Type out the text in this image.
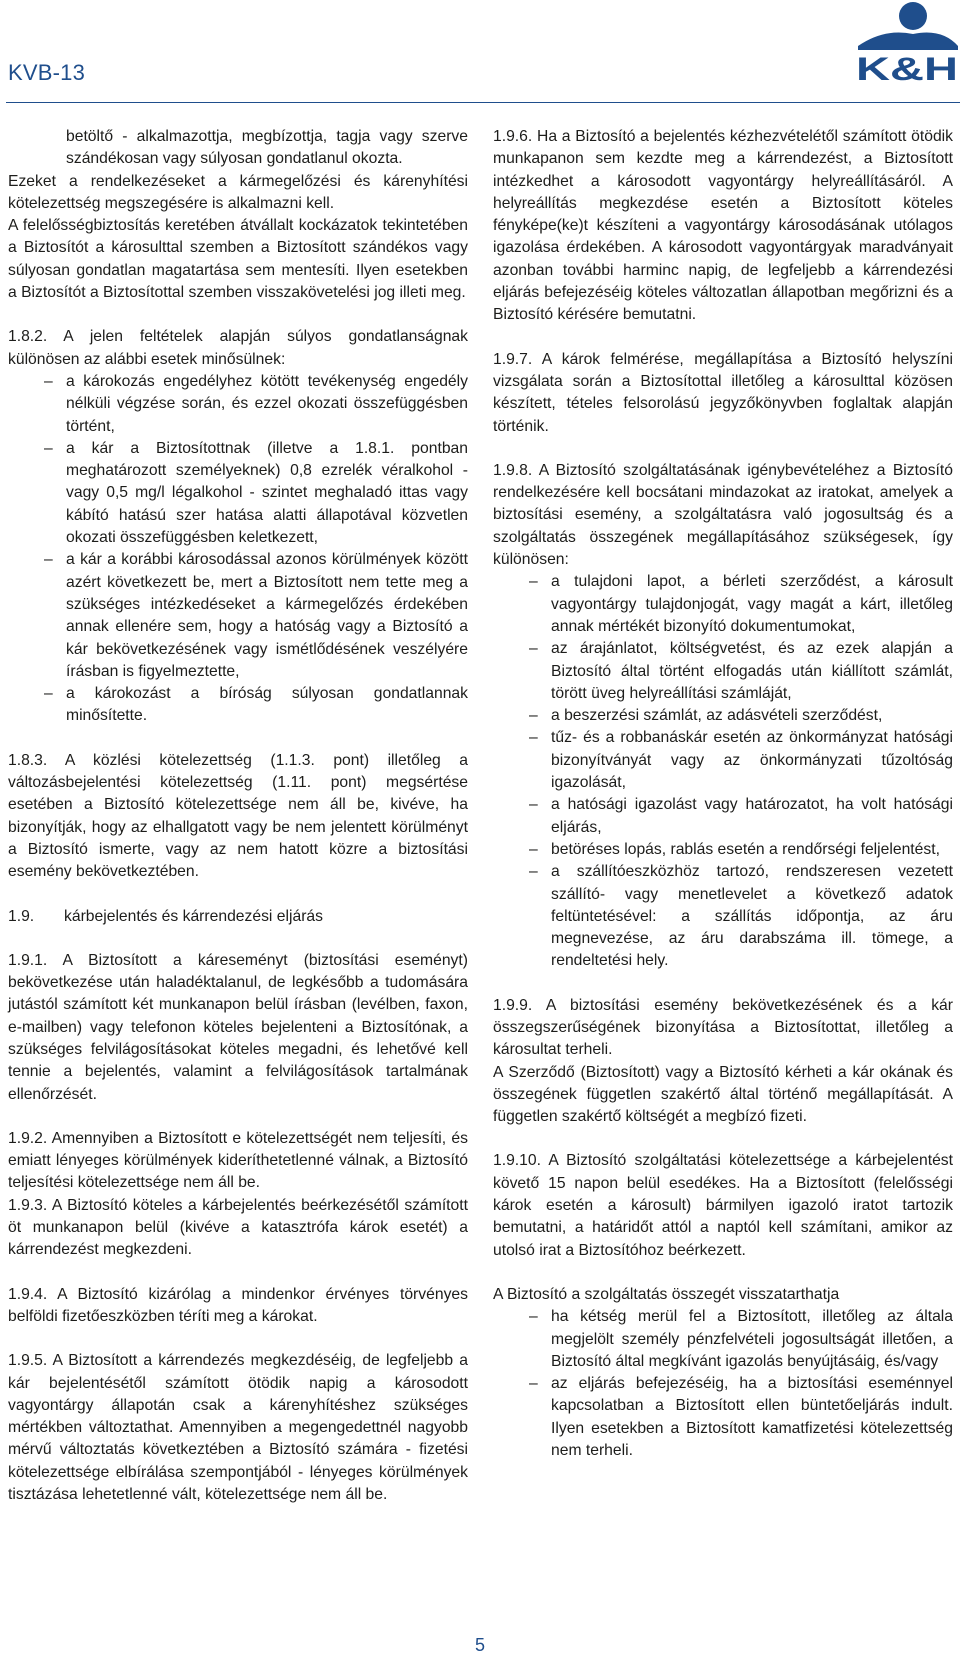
KVB-13	K&H

betöltő - alkalmazottja, megbízottja, tagja vagy szerve szándékosan vagy súlyosan gondatlanul okozta.

Ezeket a rendelkezéseket a kármegelőzési és kárenyhítési kötelezettség megszegésére is alkalmazni kell.

A felelősségbiztosítás keretében átvállalt kockázatok tekintetében a Biztosítót a károsulttal szemben a Biztosított szándékos vagy súlyosan gondatlan magatartása sem mentesíti. Ilyen esetekben a Biztosítót a Biztosítottal szemben visszakövetelési jog illeti meg.

1.8.2. A jelen feltételek alapján súlyos gondatlanságnak különösen az alábbi esetek minősülnek:

– a károkozás engedélyhez kötött tevékenység engedély nélküli végzése során, és ezzel okozati összefüggésben történt,
– a kár a Biztosítottnak (illetve a 1.8.1. pontban meghatározott személyeknek) 0,8 ezrelék véralkohol - vagy 0,5 mg/l légalkohol - szintet meghaladó ittas vagy kábító hatású szer hatása alatti állapotával közvetlen okozati összefüggésben keletkezett,
– a kár a korábbi károsodással azonos körülmények között azért következett be, mert a Biztosított nem tette meg a szükséges intézkedéseket a kármegelőzés érdekében annak ellenére sem, hogy a hatóság vagy a Biztosító a kár bekövetkezésének vagy ismétlődésének veszélyére írásban is figyelmeztette,
– a károkozást a bíróság súlyosan gondatlannak minősítette.

1.8.3. A közlési kötelezettség (1.1.3. pont) illetőleg a változásbejelentési kötelezettség (1.11. pont) megsértése esetében a Biztosító kötelezettsége nem áll be, kivéve, ha bizonyítják, hogy az elhallgatott vagy be nem jelentett körülményt a Biztosító ismerte, vagy az nem hatott közre a biztosítási esemény bekövetkeztében.

1.9. kárbejelentés és kárrendezési eljárás

1.9.1. A Biztosított a káreseményt (biztosítási eseményt) bekövetkezése után haladéktalanul, de legkésőbb a tudomására jutástól számított két munkanapon belül írásban (levélben, faxon, e-mailben) vagy telefonon köteles bejelenteni a Biztosítónak, a szükséges felvilágosításokat köteles megadni, és lehetővé kell tennie a bejelentés, valamint a felvilágosítások tartalmának ellenőrzését.

1.9.2. Amennyiben a Biztosított e kötelezettségét nem teljesíti, és emiatt lényeges körülmények kideríthetetlenné válnak, a Biztosító teljesítési kötelezettsége nem áll be.

1.9.3. A Biztosító köteles a kárbejelentés beérkezésétől számított öt munkanapon belül (kivéve a katasztrófa károk esetét) a kárrendezést megkezdeni.

1.9.4. A Biztosító kizárólag a mindenkor érvényes törvényes belföldi fizetőeszközben téríti meg a károkat.

1.9.5. A Biztosított a kárrendezés megkezdéséig, de legfeljebb a kár bejelentésétől számított ötödik napig a károsodott vagyontárgy állapotán csak a kárenyhítéshez szükséges mértékben változtathat. Amennyiben a megengedettnél nagyobb mérvű változtatás következtében a Biztosító számára - fizetési kötelezettsége elbírálása szempontjából - lényeges körülmények tisztázása lehetetlenné vált, kötelezettsége nem áll be.

1.9.6. Ha a Biztosító a bejelentés kézhezvételétől számított ötödik munkapanon sem kezdte meg a kárrendezést, a Biztosított intézkedhet a károsodott vagyontárgy helyreállításáról. A helyreállítás megkezdése esetén a Biztosított köteles fényképe(ke)t készíteni a vagyontárgy károsodásának utólagos igazolása érdekében. A károsodott vagyontárgyak maradványait azonban további harminc napig, de legfeljebb a kárrendezési eljárás befejezéséig köteles változatlan állapotban megőrizni és a Biztosító kérésére bemutatni.

1.9.7. A károk felmérése, megállapítása a Biztosító helyszíni vizsgálata során a Biztosítottal illetőleg a károsulttal közösen készített, tételes felsorolású jegyzőkönyvben foglaltak alapján történik.

1.9.8. A Biztosító szolgáltatásának igénybevételéhez a Biztosító rendelkezésére kell bocsátani mindazokat az iratokat, amelyek a biztosítási esemény, a szolgáltatásra való jogosultság és a szolgáltatás összegének megállapításához szükségesek, így különösen:

– a tulajdoni lapot, a bérleti szerződést, a károsult vagyontárgy tulajdonjogát, vagy magát a kárt, illetőleg annak mértékét bizonyító dokumentumokat,
– az árajánlatot, költségvetést, és az ezek alapján a Biztosító által történt elfogadás után kiállított számlát, törött üveg helyreállítási számláját,
– a beszerzési számlát, az adásvételi szerződést,
– tűz- és a robbanáskár esetén az önkormányzat hatósági bizonyítványát vagy az önkormányzati tűzoltóság igazolását,
– a hatósági igazolást vagy határozatot, ha volt hatósági eljárás,
– betöréses lopás, rablás esetén a rendőrségi feljelentést,
– a szállítóeszközhöz tartozó, rendszeresen vezetett szállító- vagy menetlevelet a következő adatok feltüntetésével: a szállítás időpontja, az áru megnevezése, az áru darabszáma ill. tömege, a rendeltetési hely.

1.9.9. A biztosítási esemény bekövetkezésének és a kár összegszerűségének bizonyítása a Biztosítottat, illetőleg a károsultat terheli.

A Szerződő (Biztosított) vagy a Biztosító kérheti a kár okának és összegének független szakértő által történő megállapítását. A független szakértő költségét a megbízó fizeti.

1.9.10. A Biztosító szolgáltatási kötelezettsége a kárbejelentést követő 15 napon belül esedékes. Ha a Biztosított (felelősségi károk esetén a károsult) bármilyen igazoló iratot tartozik bemutatni, a határidőt attól a naptól kell számítani, amikor az utolsó irat a Biztosítóhoz beérkezett.

A Biztosító a szolgáltatás összegét visszatarthatja

– ha kétség merül fel a Biztosított, illetőleg az általa megjelölt személy pénzfelvételi jogosultságát illetően, a Biztosító által megkívánt igazolás benyújtásáig, és/vagy
– az eljárás befejezéséig, ha a biztosítási eseménnyel kapcsolatban a Biztosított ellen büntetőeljárás indult. Ilyen esetekben a Biztosított kamatfizetési kötelezettség nem terheli.
5
